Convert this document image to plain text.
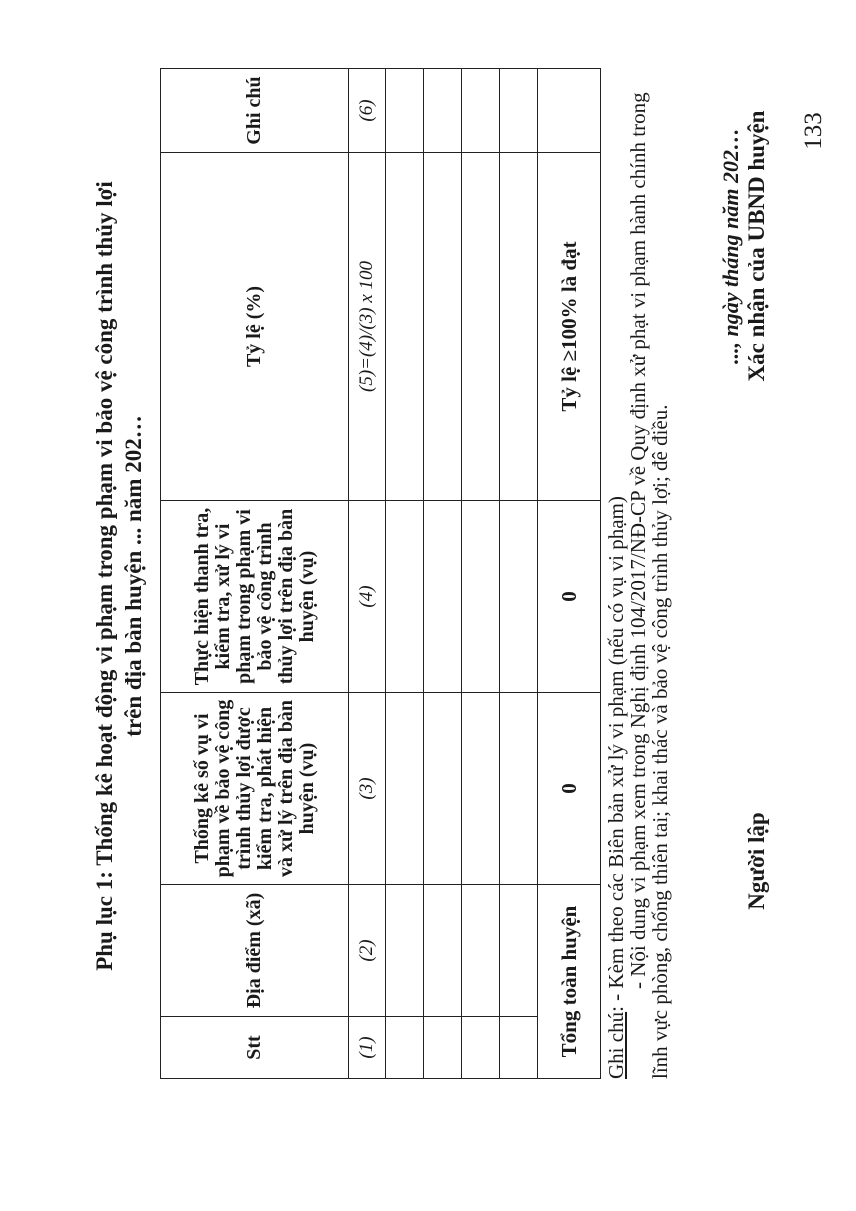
Phụ lục 1: Thống kê hoạt động vi phạm trong phạm vi bảo vệ công trình thủy lợi trên địa bàn huyện ... năm 202…
Stt	Địa điểm (xã)	Thống kê số vụ vi phạm về bảo vệ công trình thủy lợi được kiểm tra, phát hiện và xử lý trên địa bàn huyện (vụ)	Thực hiện thanh tra, kiểm tra, xử lý vi phạm trong phạm vi bảo vệ công trình thủy lợi trên địa bàn huyện (vụ)	Tỷ lệ (%)	Ghi chú
(1)	(2)	(3)	(4)	(5)=(4)/(3) x 100	(6)

Tổng toàn huyện		0	0	Tỷ lệ ≥100% là đạt	
Ghi chú: - Kèm theo các Biên bản xử lý vi phạm (nếu có vụ vi phạm)
- Nội dung vi phạm xem trong Nghị định 104/2017/NĐ-CP về Quy định xử phạt vi phạm hành chính trong lĩnh vực phòng, chống thiên tai; khai thác và bảo vệ công trình thủy lợi; đê điều.
..., ngày tháng năm 202…
Người lập
Xác nhận của UBND huyện 133
